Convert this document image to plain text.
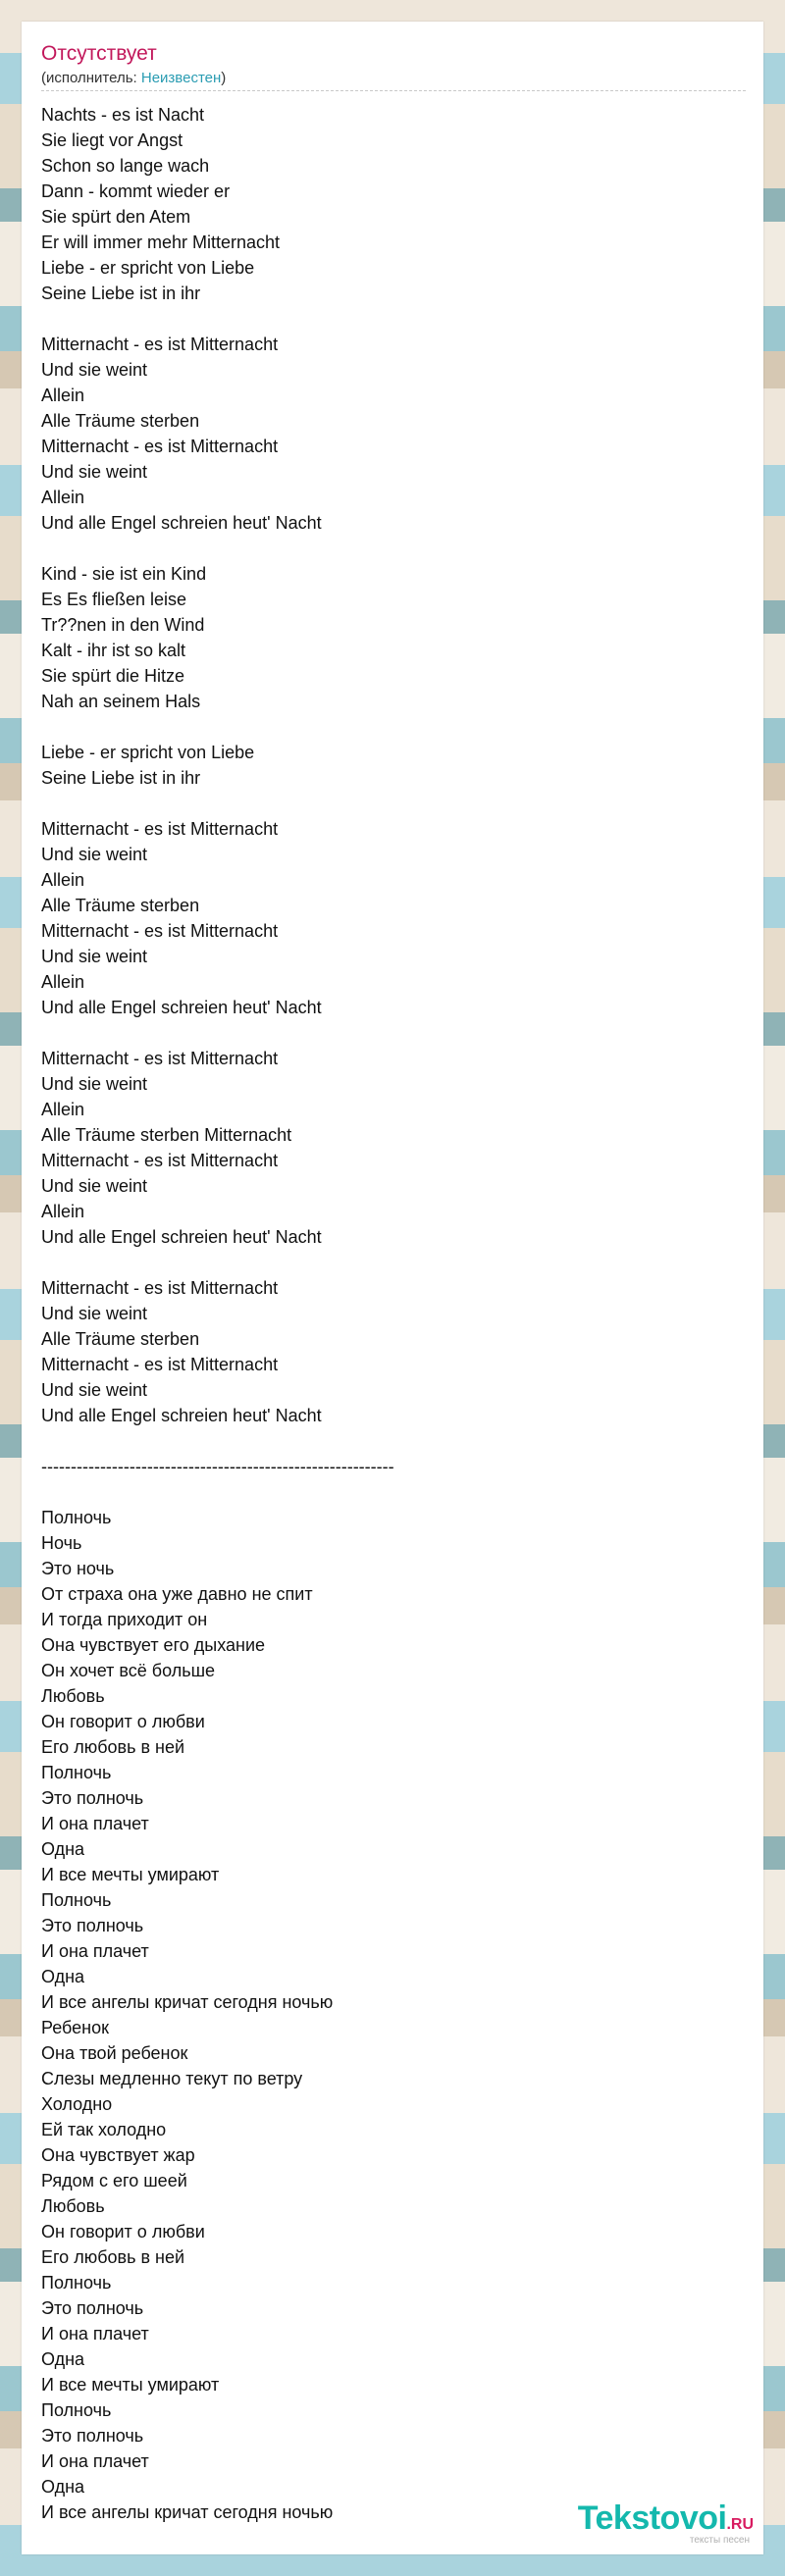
Отсутствует
(исполнитель: Неизвестен)
Nachts - es ist Nacht
Sie liegt vor Angst
Schon so lange wach
Dann - kommt wieder er
Sie spürt den Atem
Er will immer mehr Mitternacht
Liebe - er spricht von Liebe
Seine Liebe ist in ihr
Mitternacht - es ist Mitternacht
Und sie weint
Allein
Alle Träume sterben
Mitternacht - es ist Mitternacht
Und sie weint
Allein
Und alle Engel schreien heut' Nacht
Kind - sie ist ein Kind
Es Es fließen leise
Tr??nen in den Wind
Kalt - ihr ist so kalt
Sie spürt die Hitze
Nah an seinem Hals
Liebe - er spricht von Liebe
Seine Liebe ist in ihr
Mitternacht - es ist Mitternacht
Und sie weint
Allein
Alle Träume sterben
Mitternacht - es ist Mitternacht
Und sie weint
Allein
Und alle Engel schreien heut' Nacht
Mitternacht - es ist Mitternacht
Und sie weint
Allein
Alle Träume sterben Mitternacht
Mitternacht - es ist Mitternacht
Und sie weint
Allein
Und alle Engel schreien heut' Nacht
Mitternacht - es ist Mitternacht
Und sie weint
Alle Träume sterben
Mitternacht - es ist Mitternacht
Und sie weint
Und alle Engel schreien heut' Nacht
------------------------------------------------------------
Полночь
Ночь
Это ночь
От страха она уже давно не спит
И тогда приходит он
Она чувствует его дыхание
Он хочет всё больше
Любовь
Он говорит о любви
Его любовь в ней
Полночь
Это полночь
И она плачет
Одна
И все мечты умирают
Полночь
Это полночь
И она плачет
Одна
И все ангелы кричат сегодня ночью
Ребенок
Она твой ребенок
Слезы медленно текут по ветру
Холодно
Ей так холодно
Она чувствует жар
Рядом с его шеей
Любовь
Он говорит о любви
Его любовь в ней
Полночь
Это полночь
И она плачет
Одна
И все мечты умирают
Полночь
Это полночь
И она плачет
Одна
И все ангелы кричат сегодня ночью	Tekstovoi.RU
тексты песен
